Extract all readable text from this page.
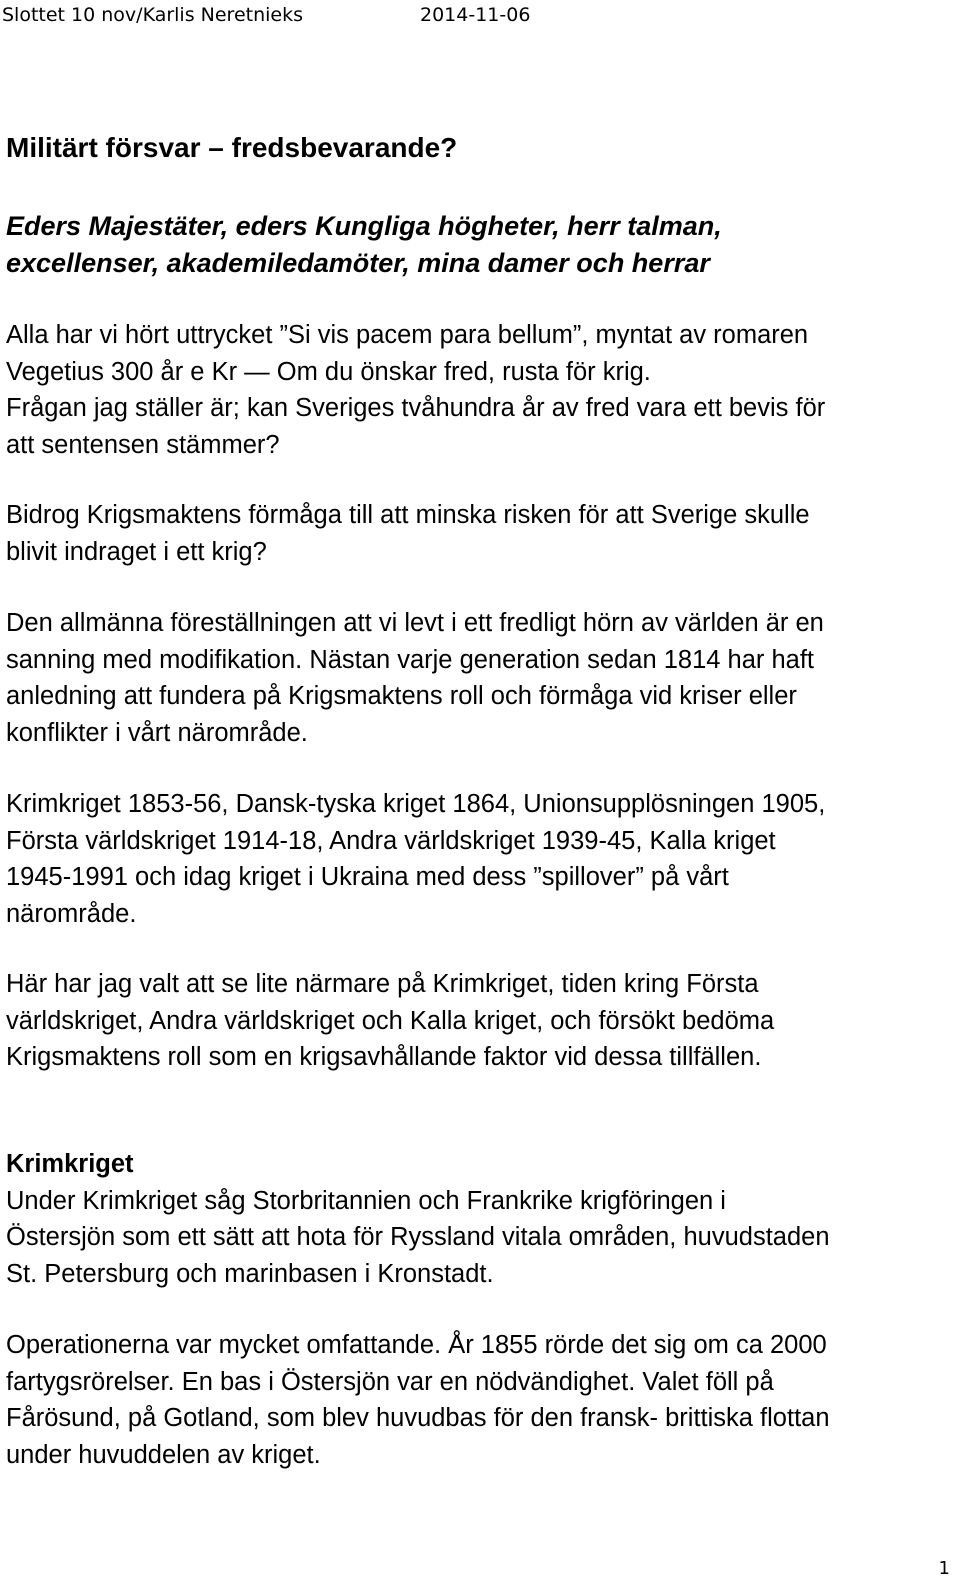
Slottet 10 nov/Karlis Neretnieks	2014-11-06
Militärt försvar – fredsbevarande?

Eders Majestäter, eders Kungliga högheter, herr talman,
excellenser, akademiledamöter, mina damer och herrar

Alla har vi hört uttrycket ”Si vis pacem para bellum”, myntat av romaren
Vegetius 300 år e Kr — Om du önskar fred, rusta för krig.
Frågan jag ställer är; kan Sveriges tvåhundra år av fred vara ett bevis för
att sentensen stämmer?

Bidrog Krigsmaktens förmåga till att minska risken för att Sverige skulle
blivit indraget i ett krig?

Den allmänna föreställningen att vi levt i ett fredligt hörn av världen är en
sanning med modifikation. Nästan varje generation sedan 1814 har haft
anledning att fundera på Krigsmaktens roll och förmåga vid kriser eller
konflikter i vårt närområde.

Krimkriget 1853-56, Dansk-tyska kriget 1864, Unionsupplösningen 1905,
Första världskriget 1914-18, Andra världskriget 1939-45, Kalla kriget
1945-1991 och idag kriget i Ukraina med dess ”spillover” på vårt
närområde.

Här har jag valt att se lite närmare på Krimkriget, tiden kring Första
världskriget, Andra världskriget och Kalla kriget, och försökt bedöma
Krigsmaktens roll som en krigsavhållande faktor vid dessa tillfällen.

Krimkriget
Under Krimkriget såg Storbritannien och Frankrike krigföringen i
Östersjön som ett sätt att hota för Ryssland vitala områden, huvudstaden
St. Petersburg och marinbasen i Kronstadt.

Operationerna var mycket omfattande. År 1855 rörde det sig om ca 2000
fartygsrörelser. En bas i Östersjön var en nödvändighet. Valet föll på
Fårösund, på Gotland, som blev huvudbas för den fransk- brittiska flottan
under huvuddelen av kriget.

1
